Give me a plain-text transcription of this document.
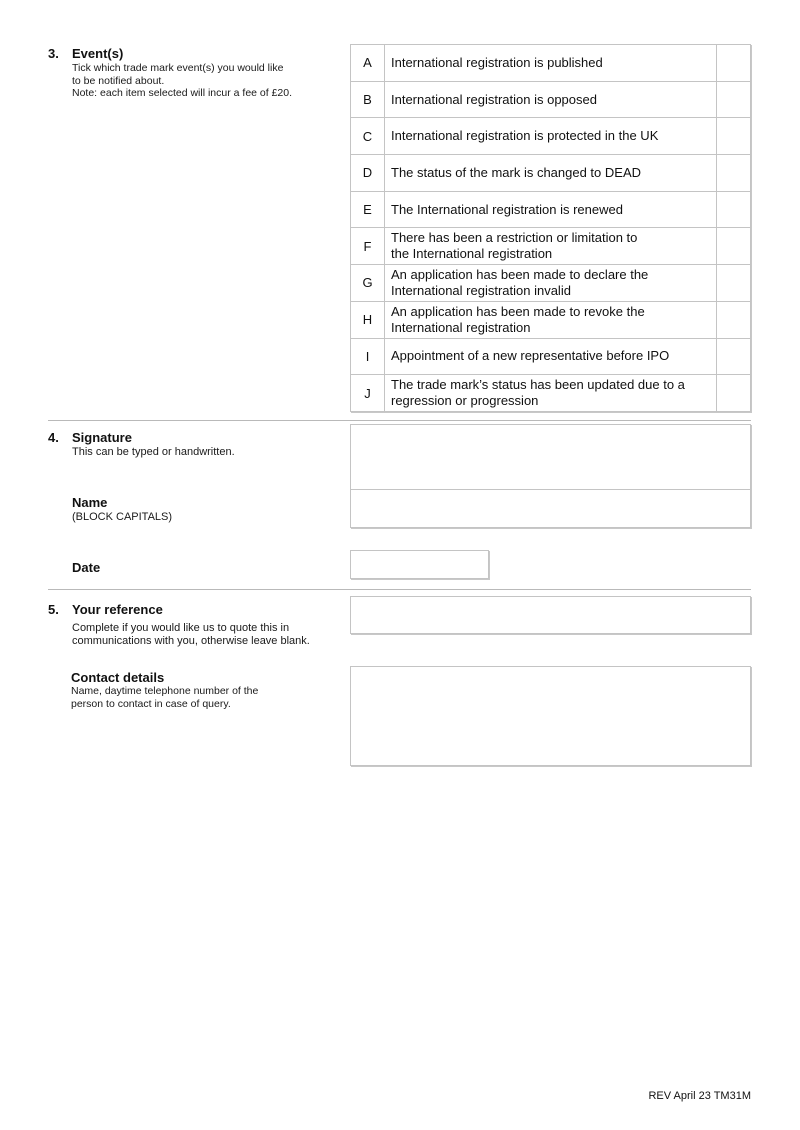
3. Event(s)
Tick which trade mark event(s) you would like
to be notified about.
Note: each item selected will incur a fee of £20.
A	International registration is published	

B	International registration is opposed	

C	International registration is protected in the UK	

D	The status of the mark is changed to DEAD	

E	The International registration is renewed	

F	There has been a restriction or limitation to
the International registration	

G	An application has been made to declare the
International registration invalid	

H	An application has been made to revoke the
International registration	

I	Appointment of a new representative before IPO	

J	The trade mark’s status has been updated due to a
regression or progression	

4. Signature
This can be typed or handwritten.
Name
(BLOCK CAPITALS)
Date
5. Your reference
Complete if you would like us to quote this in
communications with you, otherwise leave blank.
Contact details
Name, daytime telephone number of the
person to contact in case of query.
REV April 23 TM31M
